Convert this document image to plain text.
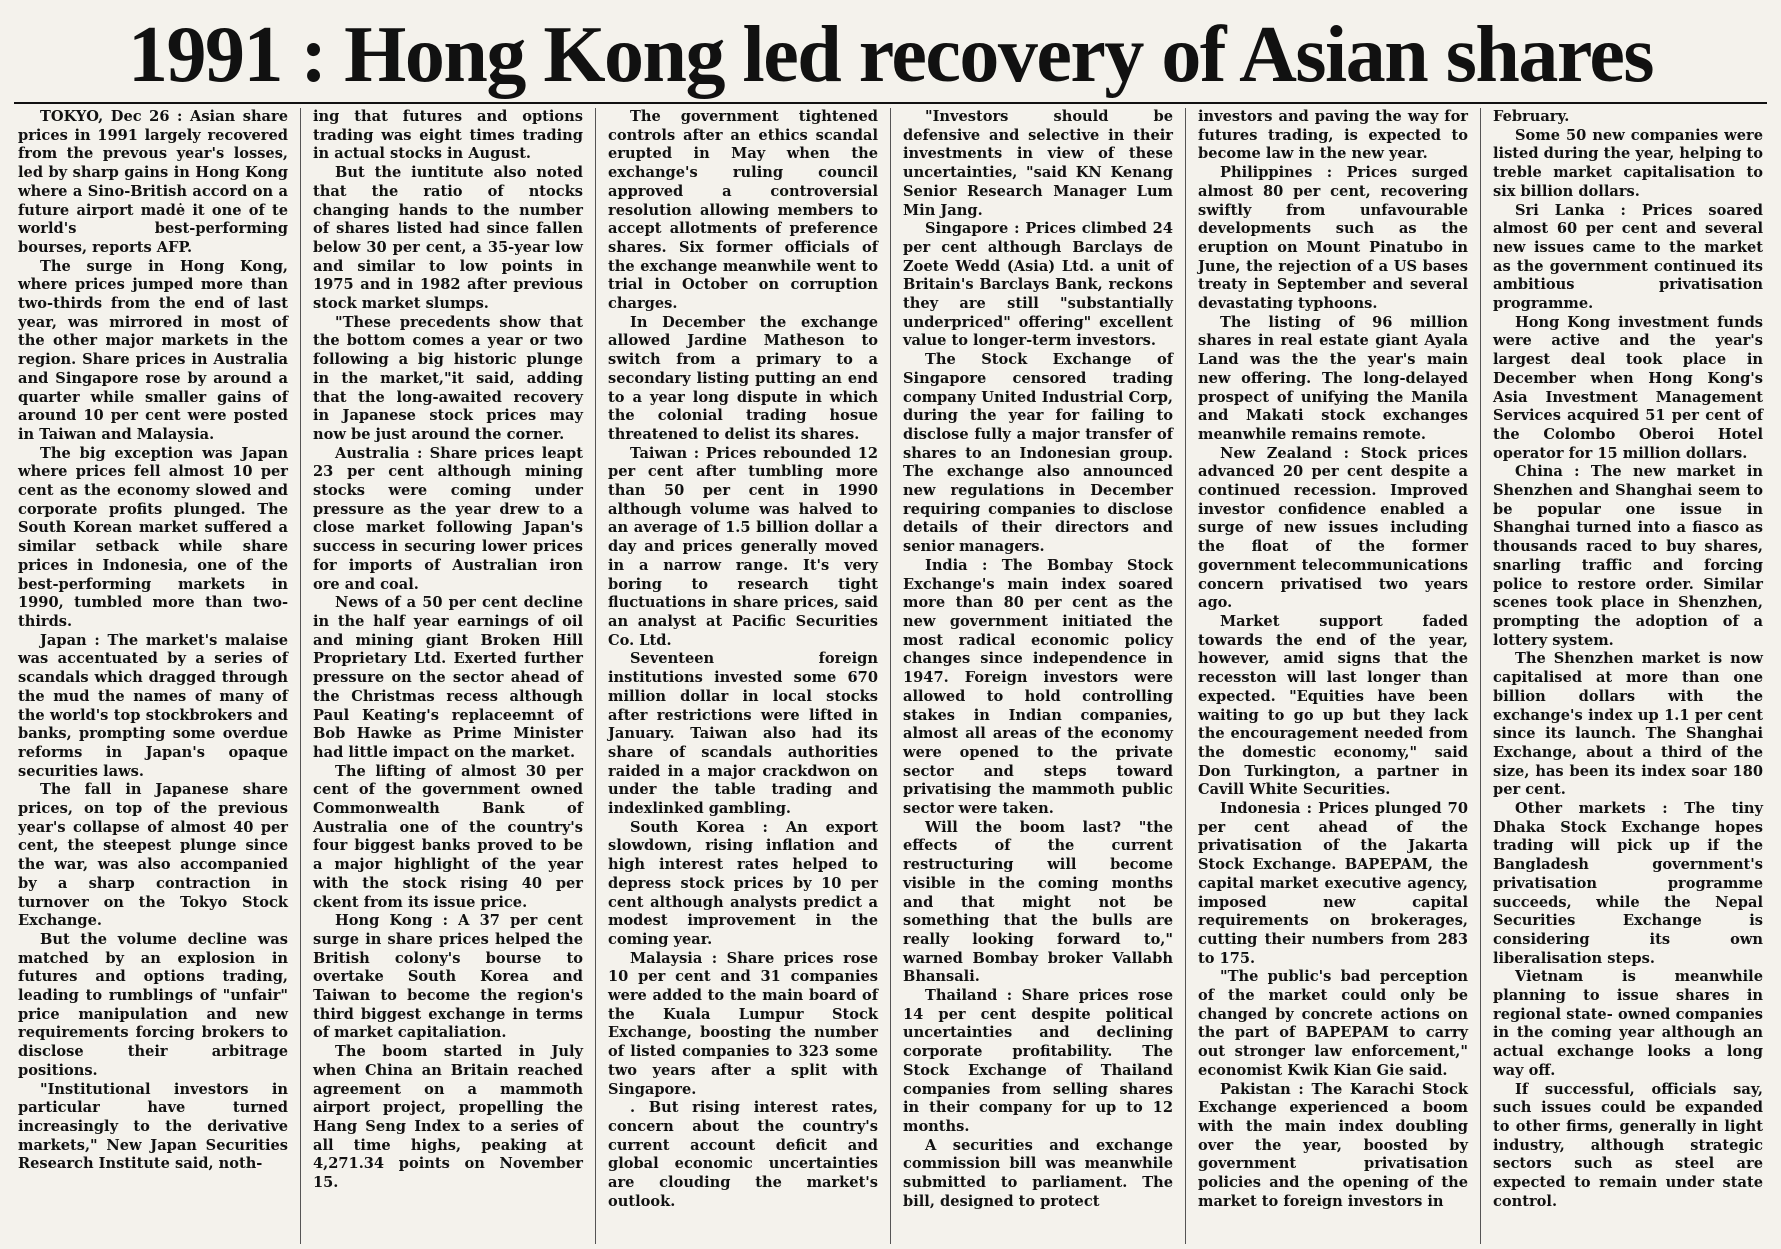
1991 : Hong Kong led recovery of Asian shares

TOKYO, Dec 26 : Asian share prices in 1991 largely recovered from the prevous year's losses, led by sharp gains in Hong Kong where a Sino-British accord on a future airport madė it one of te world's best-performing bourses, reports AFP.

The surge in Hong Kong, where prices jumped more than two-thirds from the end of last year, was mirrored in most of the other major markets in the region. Share prices in Australia and Singapore rose by around a quarter while smaller gains of around 10 per cent were posted in Taiwan and Malaysia.

The big exception was Japan where prices fell almost 10 per cent as the economy slowed and corporate profits plunged. The South Korean market suffered a similar setback while share prices in Indonesia, one of the best-performing markets in 1990, tumbled more than two-thirds.

Japan : The market's malaise was accentuated by a series of scandals which dragged through the mud the names of many of the world's top stockbrokers and banks, prompting some overdue reforms in Japan's opaque securities laws.

The fall in Japanese share prices, on top of the previous year's collapse of almost 40 per cent, the steepest plunge since the war, was also accompanied by a sharp contraction in turnover on the Tokyo Stock Exchange.

But the volume decline was matched by an explosion in futures and options trading, leading to rumblings of "unfair" price manipulation and new requirements forcing brokers to disclose their arbitrage positions.

"Institutional investors in particular have turned increasingly to the derivative markets," New Japan Securities Research Institute said, noth-

ing that futures and options trading was eight times trading in actual stocks in August.

But the iuntitute also noted that the ratio of ntocks changing hands to the number of shares listed had since fallen below 30 per cent, a 35-year low and similar to low points in 1975 and in 1982 after previous stock market slumps.

"These precedents show that the bottom comes a year or two following a big historic plunge in the market,"it said, adding that the long-awaited recovery in Japanese stock prices may now be just around the corner.

Australia : Share prices leapt 23 per cent although mining stocks were coming under pressure as the year drew to a close market following Japan's success in securing lower prices for imports of Australian iron ore and coal.

News of a 50 per cent decline in the half year earnings of oil and mining giant Broken Hill Proprietary Ltd. Exerted further pressure on the sector ahead of the Christmas recess although Paul Keating's replaceemnt of Bob Hawke as Prime Minister had little impact on the market.

The lifting of almost 30 per cent of the government owned Commonwealth Bank of Australia one of the country's four biggest banks proved to be a major highlight of the year with the stock rising 40 per ckent from its issue price.

Hong Kong : A 37 per cent surge in share prices helped the British colony's bourse to overtake South Korea and Taiwan to become the region's third biggest exchange in terms of market capitaliation.

The boom started in July when China an Britain reached agreement on a mammoth airport project, propelling the Hang Seng Index to a series of all time highs, peaking at 4,271.34 points on November 15.

The government tightened controls after an ethics scandal erupted in May when the exchange's ruling council approved a controversial resolution allowing members to accept allotments of preference shares. Six former officials of the exchange meanwhile went to trial in October on corruption charges.

In December the exchange allowed Jardine Matheson to switch from a primary to a secondary listing putting an end to a year long dispute in which the colonial trading hosue threatened to delist its shares.

Taiwan : Prices rebounded 12 per cent after tumbling more than 50 per cent in 1990 although volume was halved to an average of 1.5 billion dollar a day and prices generally moved in a narrow range. It's very boring to research tight fluctuations in share prices, said an analyst at Pacific Securities Co. Ltd.

Seventeen foreign institutions invested some 670 million dollar in local stocks after restrictions were lifted in January. Taiwan also had its share of scandals authorities raided in a major crackdwon on under the table trading and indexlinked gambling.

South Korea : An export slowdown, rising inflation and high interest rates helped to depress stock prices by 10 per cent although analysts predict a modest improvement in the coming year.

Malaysia : Share prices rose 10 per cent and 31 companies were added to the main board of the Kuala Lumpur Stock Exchange, boosting the number of listed companies to 323 some two years after a split with Singapore.

. But rising interest rates, concern about the country's current account deficit and global economic uncertainties are clouding the market's outlook.

"Investors should be defensive and selective in their investments in view of these uncertainties, "said KN Kenang Senior Research Manager Lum Min Jang.

Singapore : Prices climbed 24 per cent although Barclays de Zoete Wedd (Asia) Ltd. a unit of Britain's Barclays Bank, reckons they are still "substantially underpriced" offering" excellent value to longer-term investors.

The Stock Exchange of Singapore censored trading company United Industrial Corp, during the year for failing to disclose fully a major transfer of shares to an Indonesian group. The exchange also announced new regulations in December requiring companies to disclose details of their directors and senior managers.

India : The Bombay Stock Exchange's main index soared more than 80 per cent as the new government initiated the most radical economic policy changes since independence in 1947. Foreign investors were allowed to hold controlling stakes in Indian companies, almost all areas of the economy were opened to the private sector and steps toward privatising the mammoth public sector were taken.

Will the boom last? "the effects of the current restructuring will become visible in the coming months and that might not be something that the bulls are really looking forward to," warned Bombay broker Vallabh Bhansali.

Thailand : Share prices rose 14 per cent despite political uncertainties and declining corporate profitability. The Stock Exchange of Thailand companies from selling shares in their company for up to 12 months.

A securities and exchange commission bill was meanwhile submitted to parliament. The bill, designed to protect

investors and paving the way for futures trading, is expected to become law in the new year.

Philippines : Prices surged almost 80 per cent, recovering swiftly from unfavourable developments such as the eruption on Mount Pinatubo in June, the rejection of a US bases treaty in September and several devastating typhoons.

The listing of 96 million shares in real estate giant Ayala Land was the the year's main new offering. The long-delayed prospect of unifying the Manila and Makati stock exchanges meanwhile remains remote.

New Zealand : Stock prices advanced 20 per cent despite a continued recession. Improved investor confidence enabled a surge of new issues including the float of the former government telecommunications concern privatised two years ago.

Market support faded towards the end of the year, however, amid signs that the recesston will last longer than expected. "Equities have been waiting to go up but they lack the encouragement needed from the domestic economy," said Don Turkington, a partner in Cavill White Securities.

Indonesia : Prices plunged 70 per cent ahead of the privatisation of the Jakarta Stock Exchange. BAPEPAM, the capital market executive agency, imposed new capital requirements on brokerages, cutting their numbers from 283 to 175.

"The public's bad perception of the market could only be changed by concrete actions on the part of BAPEPAM to carry out stronger law enforcement," economist Kwik Kian Gie said.

Pakistan : The Karachi Stock Exchange experienced a boom with the main index doubling over the year, boosted by government privatisation policies and the opening of the market to foreign investors in

February.

Some 50 new companies were listed during the year, helping to treble market capitalisation to six billion dollars.

Sri Lanka : Prices soared almost 60 per cent and several new issues came to the market as the government continued its ambitious privatisation programme.

Hong Kong investment funds were active and the year's largest deal took place in December when Hong Kong's Asia Investment Management Services acquired 51 per cent of the Colombo Oberoi Hotel operator for 15 million dollars.

China : The new market in Shenzhen and Shanghai seem to be popular one issue in Shanghai turned into a fiasco as thousands raced to buy shares, snarling traffic and forcing police to restore order. Similar scenes took place in Shenzhen, prompting the adoption of a lottery system.

The Shenzhen market is now capitalised at more than one billion dollars with the exchange's index up 1.1 per cent since its launch. The Shanghai Exchange, about a third of the size, has been its index soar 180 per cent.

Other markets : The tiny Dhaka Stock Exchange hopes trading will pick up if the Bangladesh government's privatisation programme succeeds, while the Nepal Securities Exchange is considering its own liberalisation steps.

Vietnam is meanwhile planning to issue shares in regional state- owned companies in the coming year although an actual exchange looks a long way off.

If successful, officials say, such issues could be expanded to other firms, generally in light industry, although strategic sectors such as steel are expected to remain under state control.
